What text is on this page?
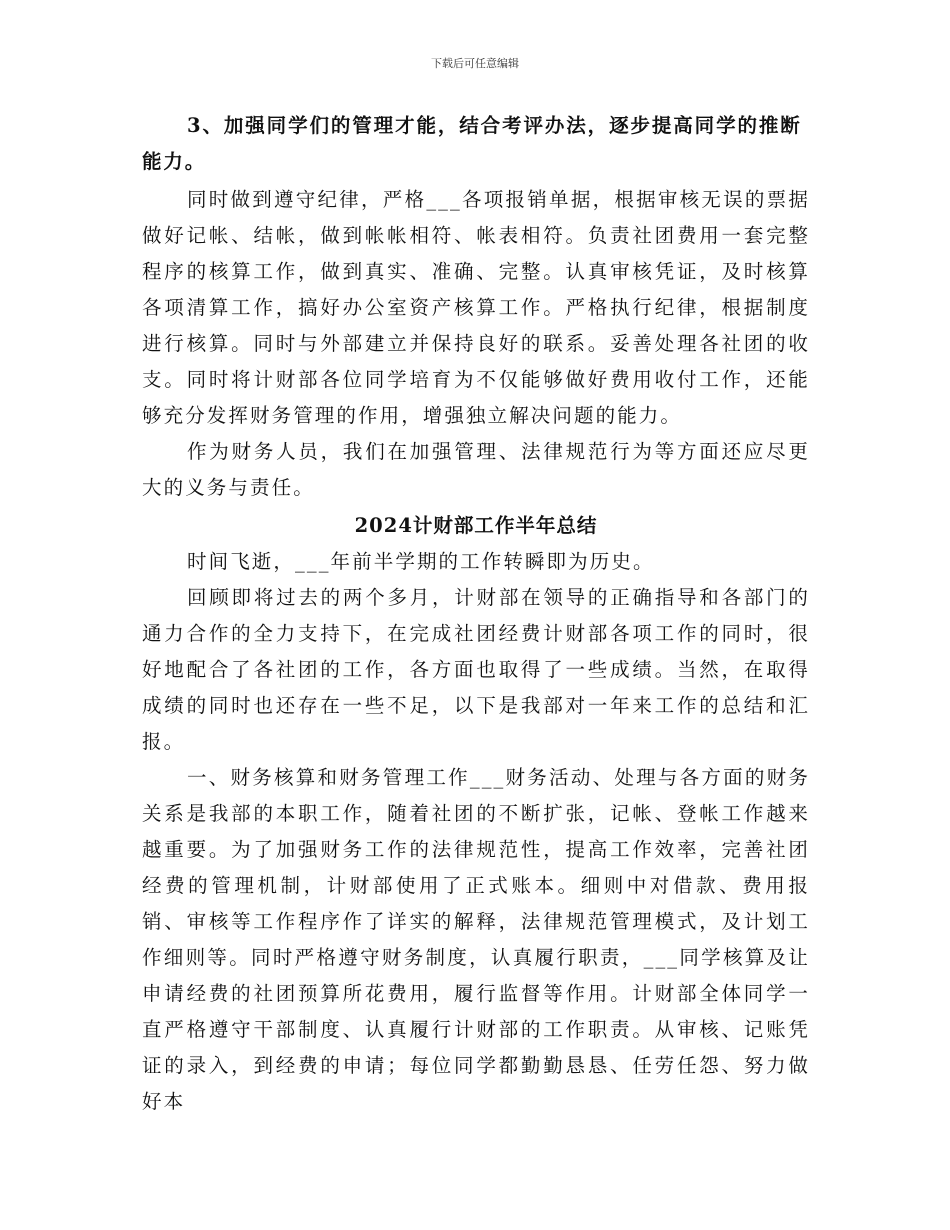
下载后可任意编辑
3、加强同学们的管理才能，结合考评办法，逐步提高同学的推断能力。

同时做到遵守纪律，严格___各项报销单据，根据审核无误的票据做好记帐、结帐，做到帐帐相符、帐表相符。负责社团费用一套完整程序的核算工作，做到真实、准确、完整。认真审核凭证，及时核算各项清算工作，搞好办公室资产核算工作。严格执行纪律，根据制度进行核算。同时与外部建立并保持良好的联系。妥善处理各社团的收支。同时将计财部各位同学培育为不仅能够做好费用收付工作，还能够充分发挥财务管理的作用，增强独立解决问题的能力。

作为财务人员，我们在加强管理、法律规范行为等方面还应尽更大的义务与责任。

2024计财部工作半年总结

时间飞逝，___年前半学期的工作转瞬即为历史。

回顾即将过去的两个多月，计财部在领导的正确指导和各部门的通力合作的全力支持下，在完成社团经费计财部各项工作的同时，很好地配合了各社团的工作，各方面也取得了一些成绩。当然，在取得成绩的同时也还存在一些不足，以下是我部对一年来工作的总结和汇报。

一、财务核算和财务管理工作___财务活动、处理与各方面的财务关系是我部的本职工作，随着社团的不断扩张，记帐、登帐工作越来越重要。为了加强财务工作的法律规范性，提高工作效率，完善社团经费的管理机制，计财部使用了正式账本。细则中对借款、费用报销、审核等工作程序作了详实的解释，法律规范管理模式，及计划工作细则等。同时严格遵守财务制度，认真履行职责，___同学核算及让申请经费的社团预算所花费用，履行监督等作用。计财部全体同学一直严格遵守干部制度、认真履行计财部的工作职责。从审核、记账凭证的录入，到经费的申请；每位同学都勤勤恳恳、任劳任怨、努力做好本
